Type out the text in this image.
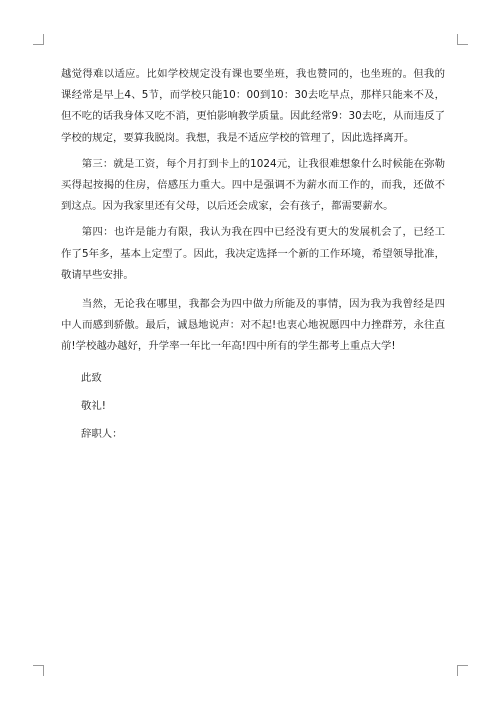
越觉得难以适应。比如学校规定没有课也要坐班，我也赞同的，也坐班的。但我的课经常是早上4、5节，而学校只能10：00到10：30去吃早点，那样只能来不及，但不吃的话我身体又吃不消，更怕影响教学质量。因此经常9：30去吃，从而违反了学校的规定，要算我脱岗。我想，我是不适应学校的管理了，因此选择离开。

第三：就是工资，每个月打到卡上的1024元，让我很难想象什么时候能在弥勒买得起按揭的住房，倍感压力重大。四中是强调不为薪水而工作的，而我，还做不到这点。因为我家里还有父母，以后还会成家，会有孩子，都需要薪水。

第四：也许是能力有限，我认为我在四中已经没有更大的发展机会了，已经工作了5年多，基本上定型了。因此，我决定选择一个新的工作环境，希望领导批准，敬请早些安排。

当然，无论我在哪里，我都会为四中做力所能及的事情，因为我为我曾经是四中人而感到骄傲。最后，诚恳地说声：对不起!也衷心地祝愿四中力挫群芳，永往直前!学校越办越好，升学率一年比一年高!四中所有的学生都考上重点大学!

此致
敬礼!
辞职人：
